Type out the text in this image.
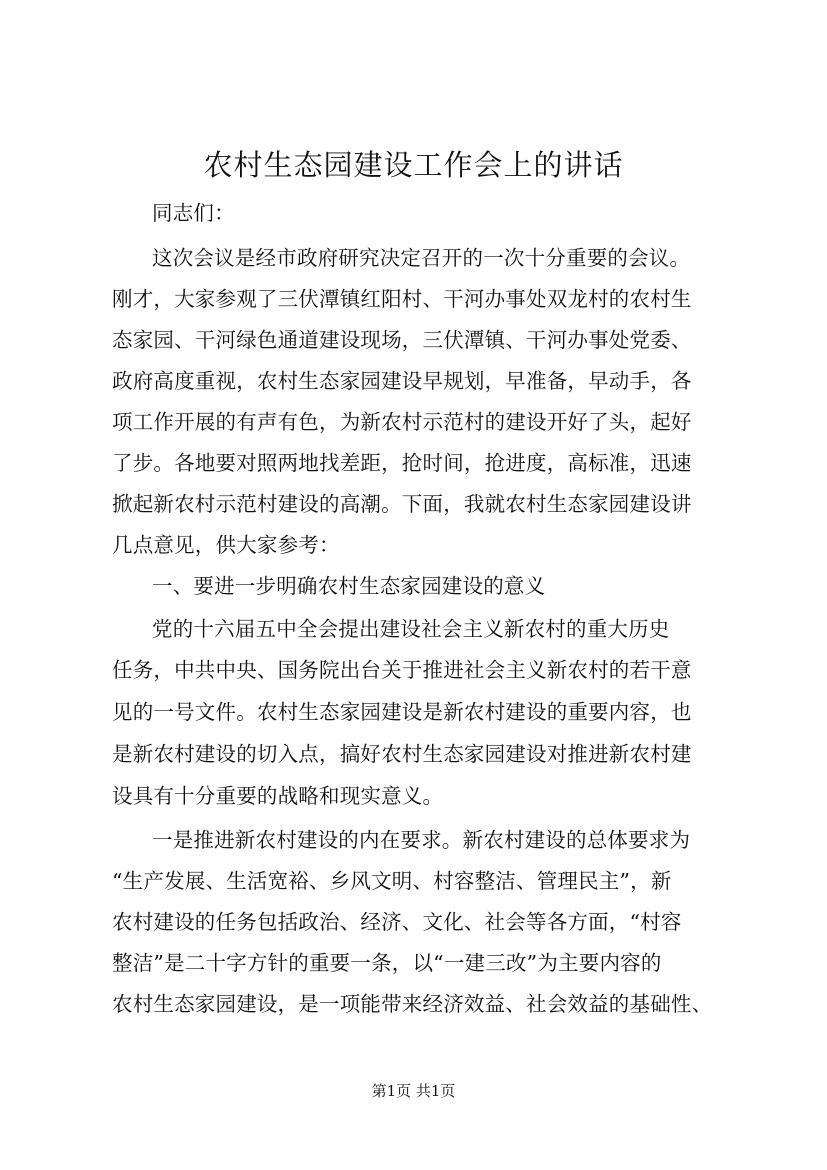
农村生态园建设工作会上的讲话
同志们：
这次会议是经市政府研究决定召开的一次十分重要的会议。
刚才，大家参观了三伏潭镇红阳村、干河办事处双龙村的农村生
态家园、干河绿色通道建设现场，三伏潭镇、干河办事处党委、
政府高度重视，农村生态家园建设早规划，早准备，早动手，各
项工作开展的有声有色，为新农村示范村的建设开好了头，起好
了步。各地要对照两地找差距，抢时间，抢进度，高标准，迅速
掀起新农村示范村建设的高潮。下面，我就农村生态家园建设讲
几点意见，供大家参考：
一、要进一步明确农村生态家园建设的意义
党的十六届五中全会提出建设社会主义新农村的重大历史
任务，中共中央、国务院出台关于推进社会主义新农村的若干意
见的一号文件。农村生态家园建设是新农村建设的重要内容，也
是新农村建设的切入点，搞好农村生态家园建设对推进新农村建
设具有十分重要的战略和现实意义。
一是推进新农村建设的内在要求。新农村建设的总体要求为
“生产发展、生活宽裕、乡风文明、村容整洁、管理民主”，新
农村建设的任务包括政治、经济、文化、社会等各方面，“村容
整洁”是二十字方针的重要一条，以“一建三改”为主要内容的
农村生态家园建设，是一项能带来经济效益、社会效益的基础性、
第1页 共1页
